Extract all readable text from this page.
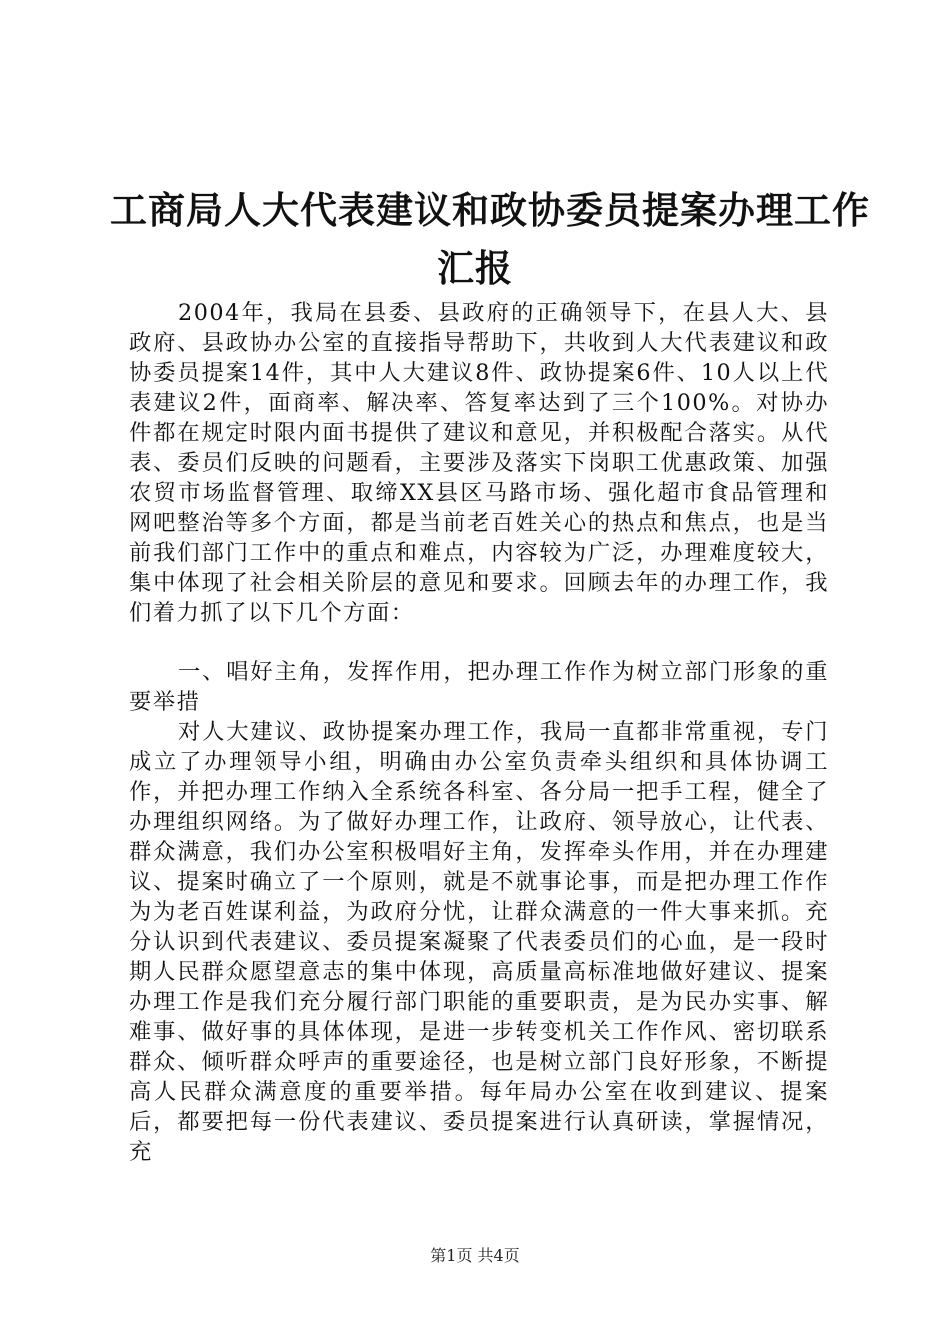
工商局人大代表建议和政协委员提案办理工作
汇报

2004年，我局在县委、县政府的正确领导下，在县人大、县政府、县政协办公室的直接指导帮助下，共收到人大代表建议和政协委员提案14件，其中人大建议8件、政协提案6件、10人以上代表建议2件，面商率、解决率、答复率达到了三个100%。对协办件都在规定时限内面书提供了建议和意见，并积极配合落实。从代表、委员们反映的问题看，主要涉及落实下岗职工优惠政策、加强农贸市场监督管理、取缔XX县区马路市场、强化超市食品管理和网吧整治等多个方面，都是当前老百姓关心的热点和焦点，也是当前我们部门工作中的重点和难点，内容较为广泛，办理难度较大，集中体现了社会相关阶层的意见和要求。回顾去年的办理工作，我们着力抓了以下几个方面：

一、唱好主角，发挥作用，把办理工作作为树立部门形象的重要举措

对人大建议、政协提案办理工作，我局一直都非常重视，专门成立了办理领导小组，明确由办公室负责牵头组织和具体协调工作，并把办理工作纳入全系统各科室、各分局一把手工程，健全了办理组织网络。为了做好办理工作，让政府、领导放心，让代表、群众满意，我们办公室积极唱好主角，发挥牵头作用，并在办理建议、提案时确立了一个原则，就是不就事论事，而是把办理工作作为为老百姓谋利益，为政府分忧，让群众满意的一件大事来抓。充分认识到代表建议、委员提案凝聚了代表委员们的心血，是一段时期人民群众愿望意志的集中体现，高质量高标准地做好建议、提案办理工作是我们充分履行部门职能的重要职责，是为民办实事、解难事、做好事的具体体现，是进一步转变机关工作作风、密切联系群众、倾听群众呼声的重要途径，也是树立部门良好形象，不断提高人民群众满意度的重要举措。每年局办公室在收到建议、提案后，都要把每一份代表建议、委员提案进行认真研读，掌握情况，充

第1页 共4页
